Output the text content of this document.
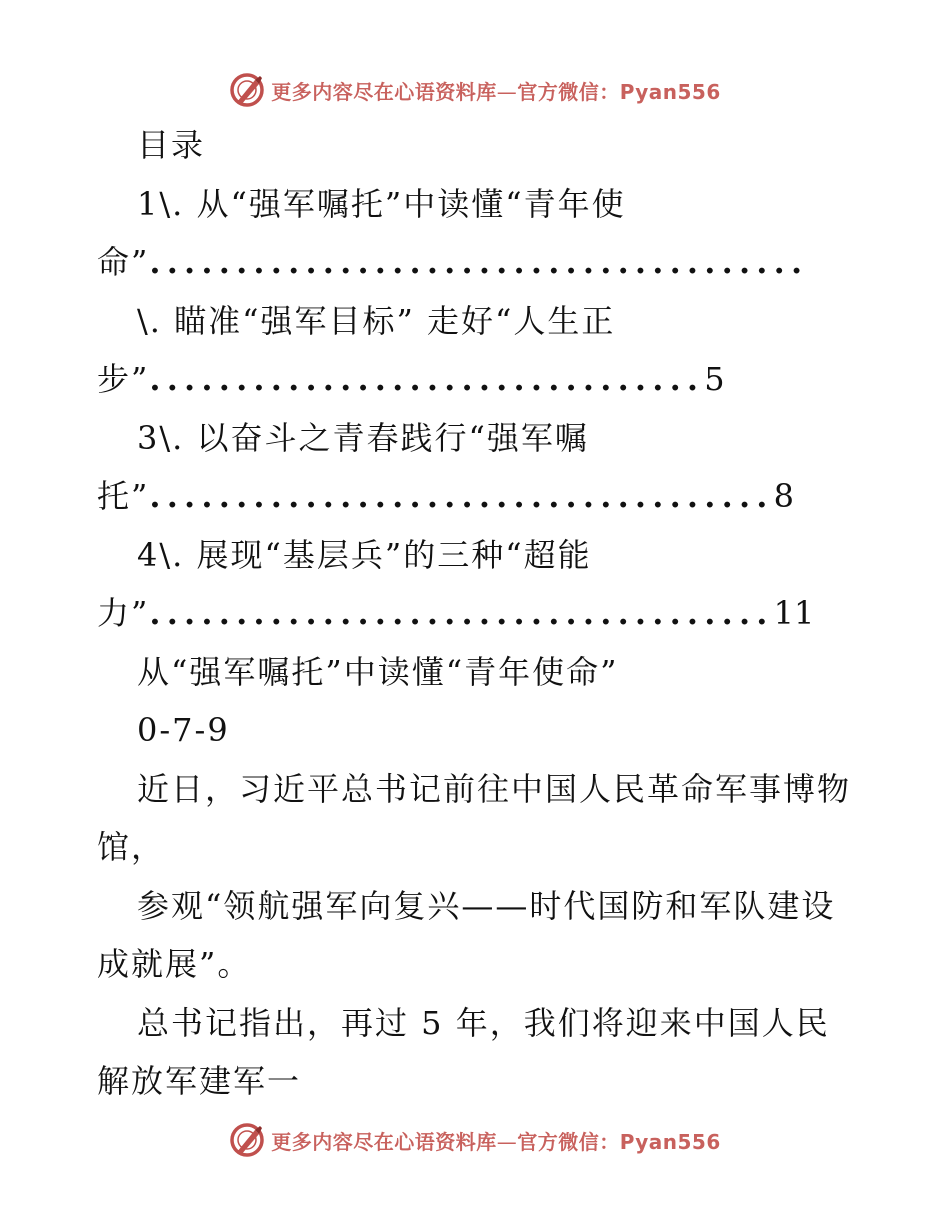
更多内容尽在心语资料库—官方微信：Pyan556
目录
1\. 从“强军嘱托”中读懂“青年使
命”......................................
\. 瞄准“强军目标” 走好“人生正
步”................................5
3\. 以奋斗之青春践行“强军嘱
托”....................................8
4\. 展现“基层兵”的三种“超能
力”....................................11
从“强军嘱托”中读懂“青年使命”
0-7-9
近日，习近平总书记前往中国人民革命军事博物
馆，
参观“领航强军向复兴——时代国防和军队建设
成就展”。
总书记指出，再过 5 年，我们将迎来中国人民
解放军建军一
更多内容尽在心语资料库—官方微信：Pyan556
